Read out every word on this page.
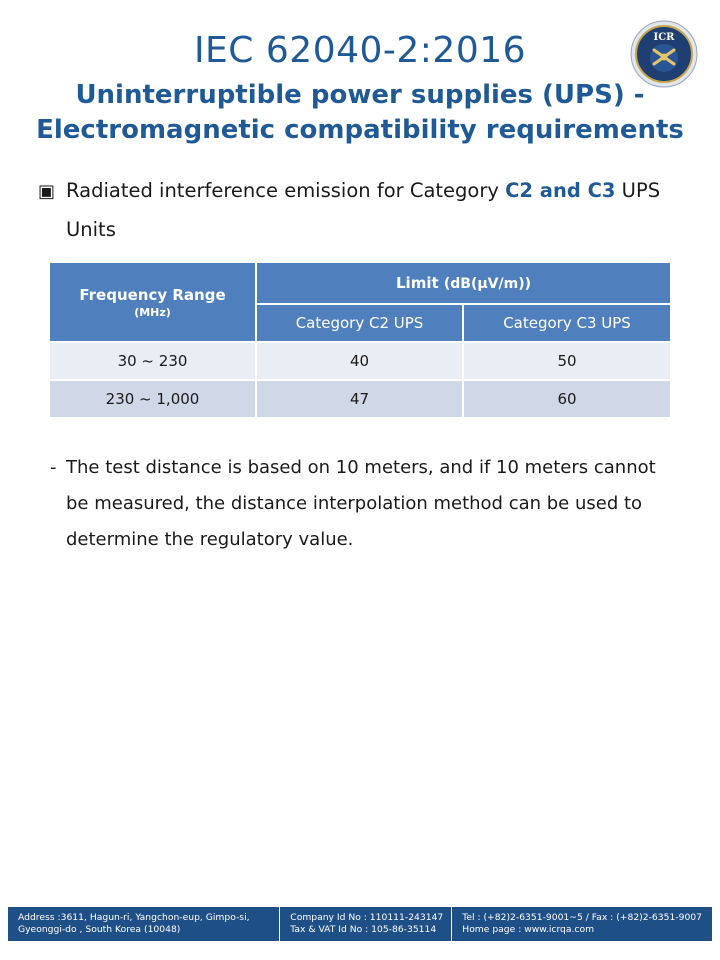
IEC 62040-2:2016
Uninterruptible power supplies (UPS) -
Electromagnetic compatibility requirements
ICR
▣ Radiated interference emission for Category C2 and C3 UPS
Units
Frequency Range
(MHz)	Limit (dB(μV/m))	
	Category C2 UPS	Category C3 UPS
30 ~ 230	40	50
230 ~ 1,000	47	60
- The test distance is based on 10 meters, and if 10 meters cannot
be measured, the distance interpolation method can be used to
determine the regulatory value.
Address :3611, Hagun-ri, Yangchon-eup, Gimpo-si,
Gyeonggi-do , South Korea (10048)
Company Id No : 110111-243147
Tax & VAT Id No : 105-86-35114
Tel : (+82)2-6351-9001~5 / Fax : (+82)2-6351-9007
Home page : www.icrqa.com
